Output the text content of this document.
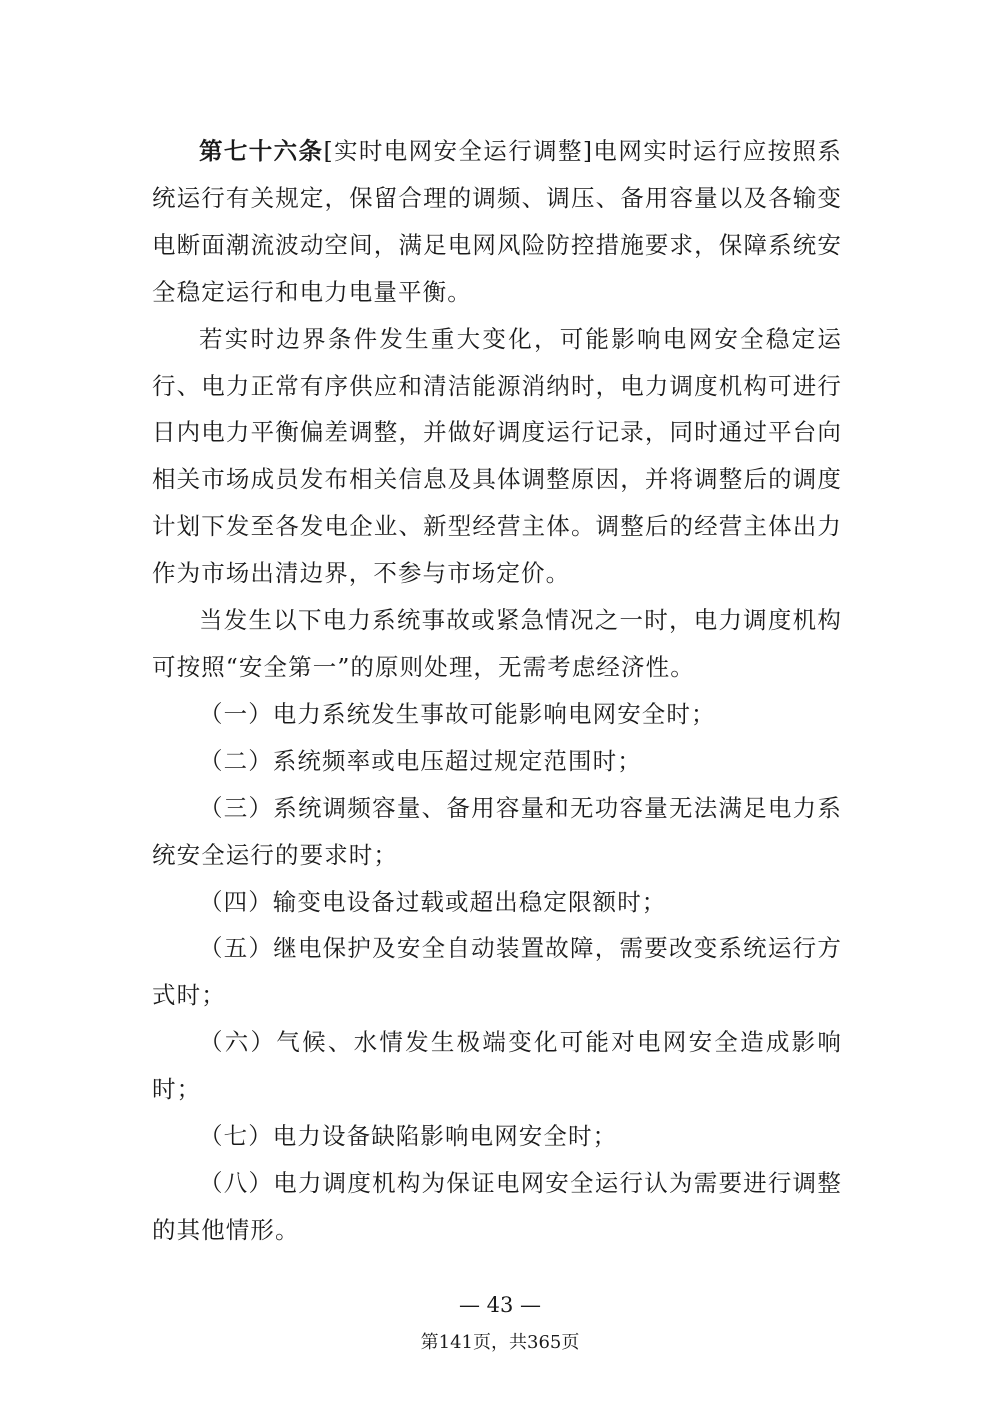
第七十六条[实时电网安全运行调整]电网实时运行应按照系统运行有关规定，保留合理的调频、调压、备用容量以及各输变电断面潮流波动空间，满足电网风险防控措施要求，保障系统安全稳定运行和电力电量平衡。

若实时边界条件发生重大变化，可能影响电网安全稳定运行、电力正常有序供应和清洁能源消纳时，电力调度机构可进行日内电力平衡偏差调整，并做好调度运行记录，同时通过平台向相关市场成员发布相关信息及具体调整原因，并将调整后的调度计划下发至各发电企业、新型经营主体。调整后的经营主体出力作为市场出清边界，不参与市场定价。

当发生以下电力系统事故或紧急情况之一时，电力调度机构可按照“安全第一”的原则处理，无需考虑经济性。

（一）电力系统发生事故可能影响电网安全时；

（二）系统频率或电压超过规定范围时；

（三）系统调频容量、备用容量和无功容量无法满足电力系统安全运行的要求时；

（四）输变电设备过载或超出稳定限额时；

（五）继电保护及安全自动装置故障，需要改变系统运行方式时；

（六）气候、水情发生极端变化可能对电网安全造成影响时；

（七）电力设备缺陷影响电网安全时；

（八）电力调度机构为保证电网安全运行认为需要进行调整的其他情形。

— 43 —
第141页，共365页
